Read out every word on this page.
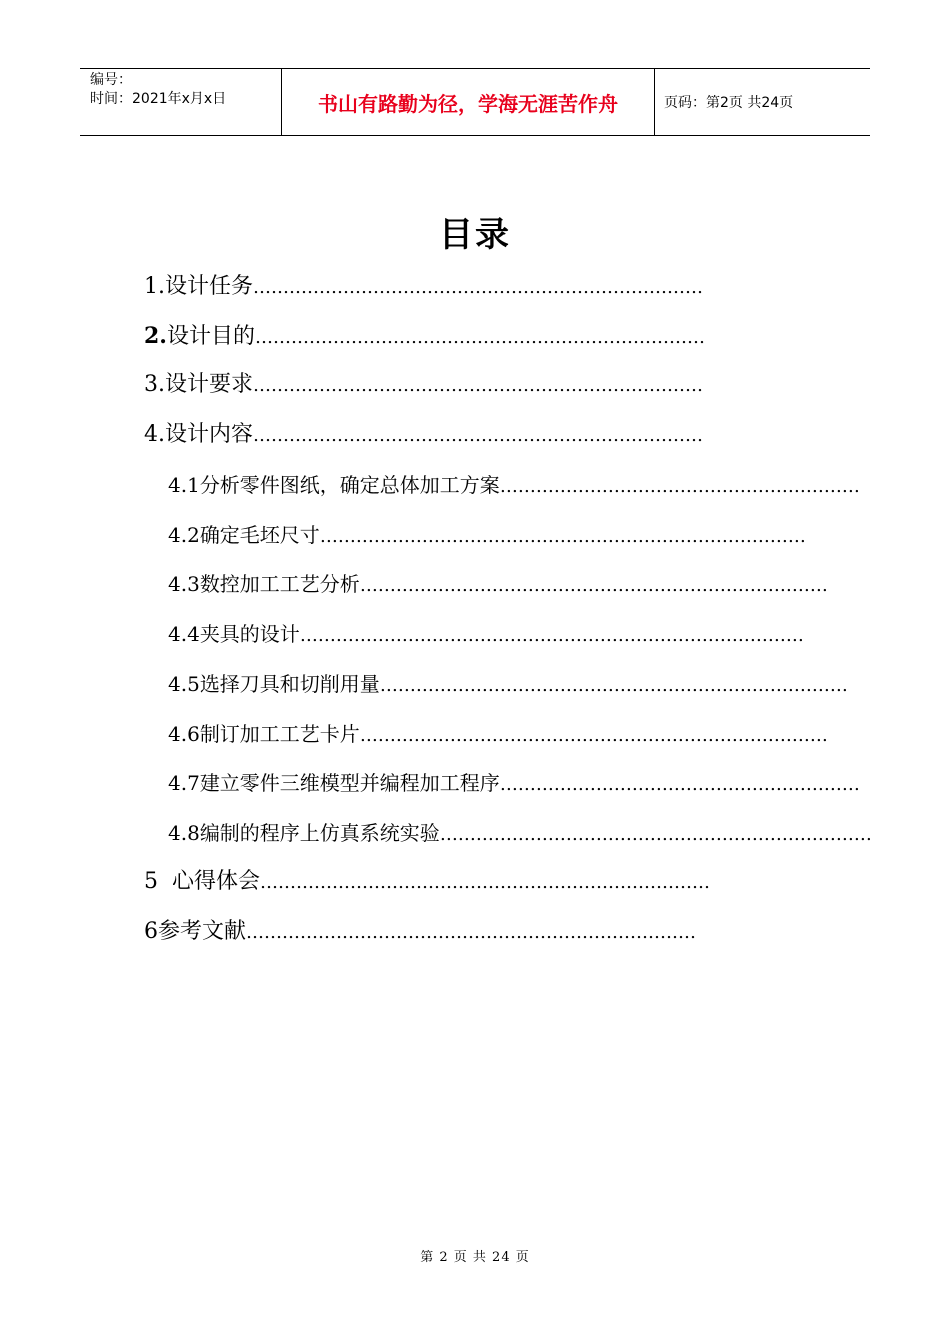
编号：
时间：2021年x月x日	书山有路勤为径，学海无涯苦作舟	页码：第2页 共24页
目录
1. 设计任务 …………………………………………………………………
2. 设计目的 …………………………………………………………………
3. 设计要求 …………………………………………………………………
4. 设计内容 …………………………………………………………………
4.1 分析零件图纸，确定总体加工方案 ……………………………………………………
4.2 确定毛坯尺寸 ………………………………………………………………………
4.3 数控加工工艺分析 ……………………………………………………………………
4.4 夹具的设计 …………………………………………………………………………
4.5 选择刀具和切削用量 ……………………………………………………………………
4.6 制订加工工艺卡片 ……………………………………………………………………
4.7 建立零件三维模型并编程加工程序 ……………………………………………………
4.8 编制的程序上仿真系统实验 ………………………………………………………………
5 心得体会 …………………………………………………………………
6 参考文献 …………………………………………………………………
第 2 页 共 24 页
